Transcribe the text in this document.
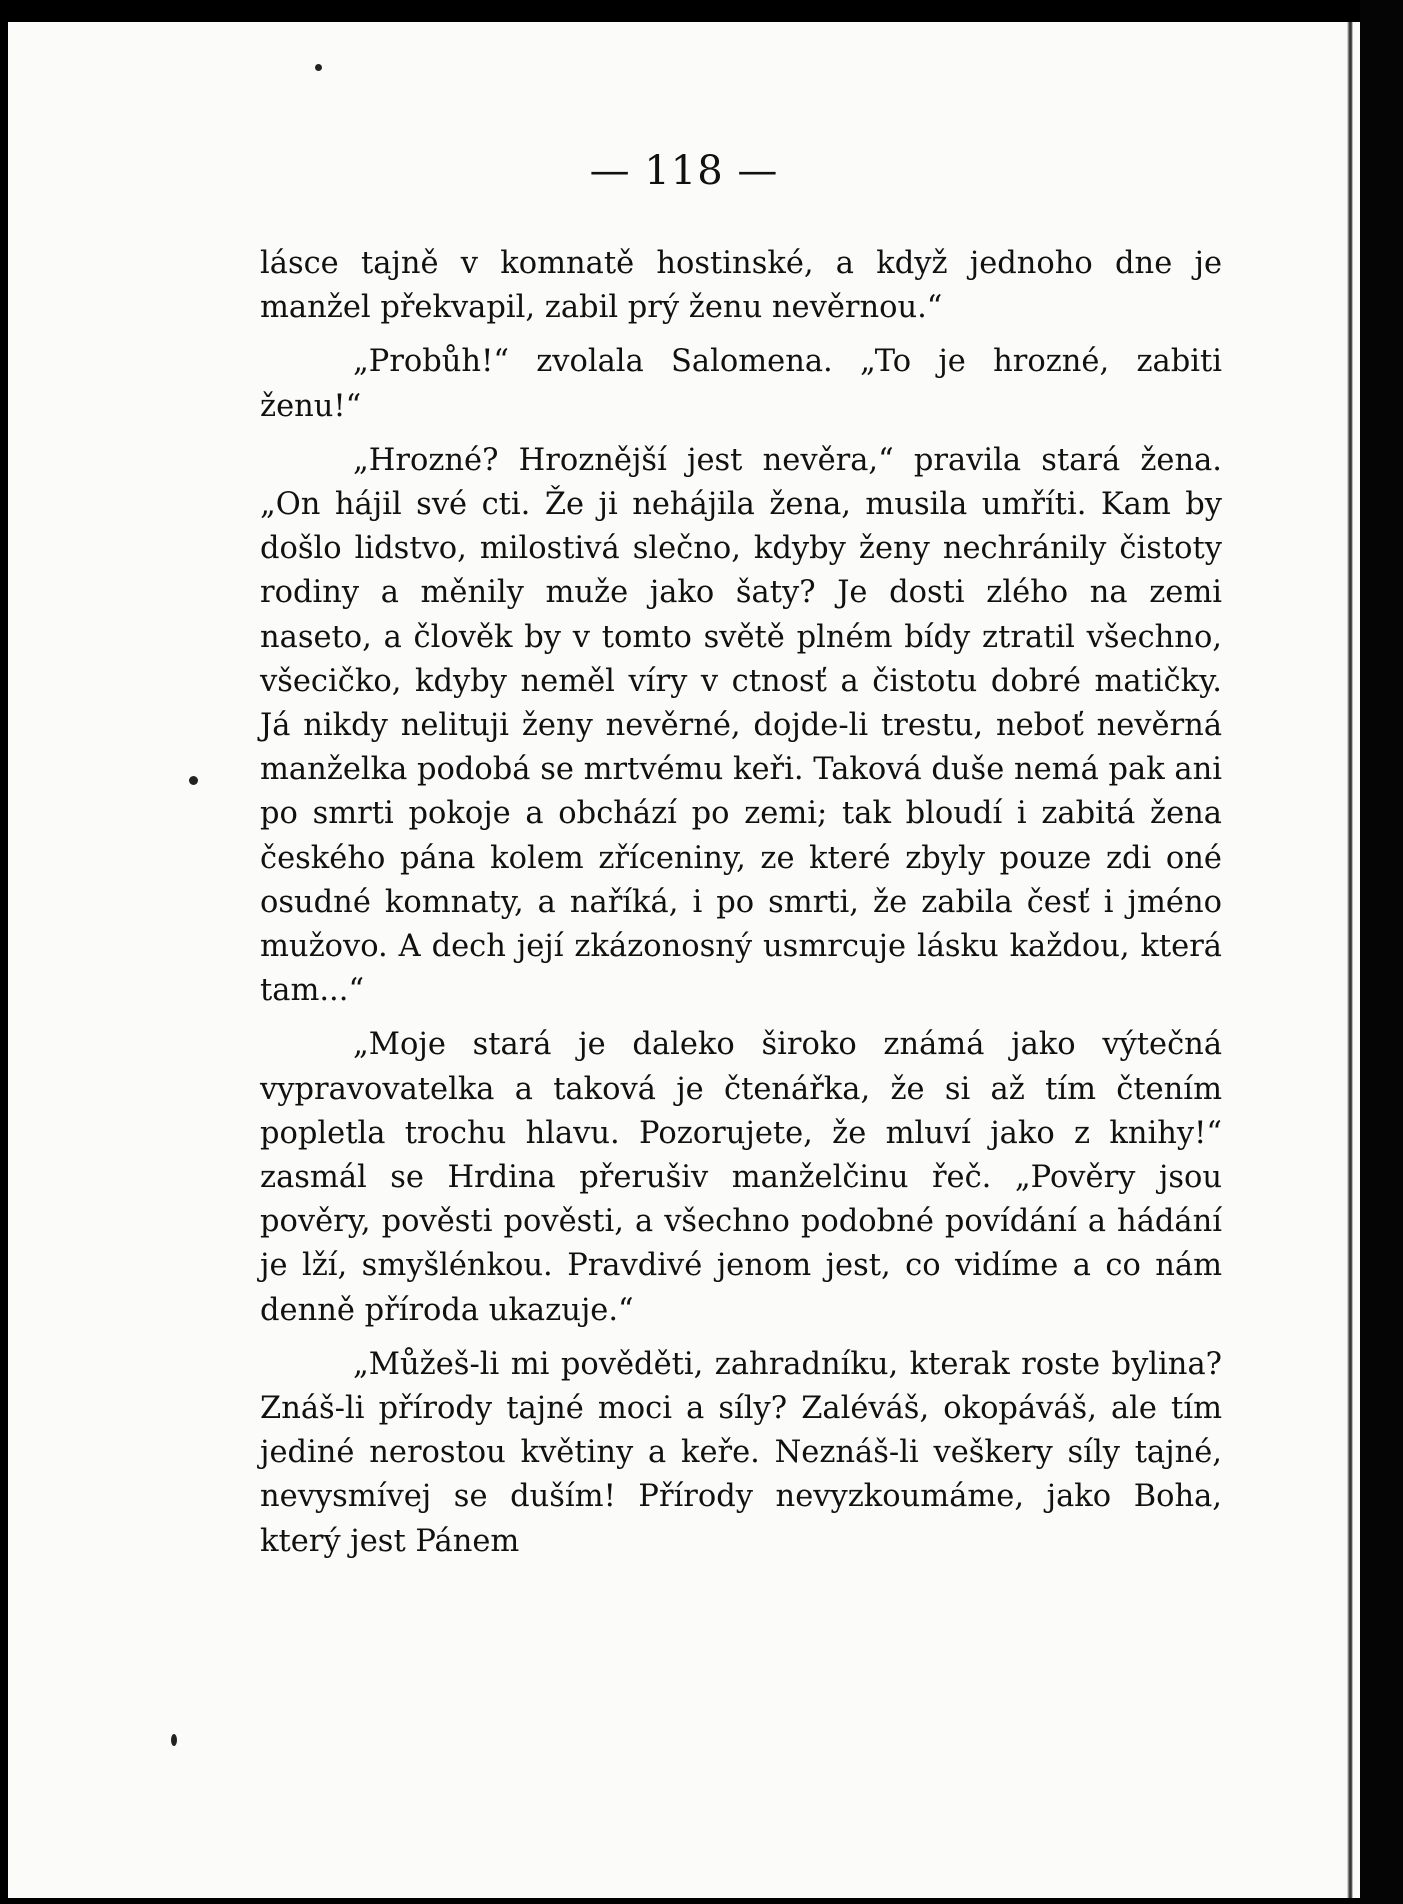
— 118 —

lásce tajně v komnatě hostinské, a když jednoho dne je manžel překvapil, zabil prý ženu nevěrnou.“

„Probůh!“ zvolala Salomena. „To je hrozné, zabiti ženu!“

„Hrozné? Hroznější jest nevěra,“ pravila stará žena. „On hájil své cti. Že ji nehájila žena, musila umříti. Kam by došlo lidstvo, milostivá slečno, kdyby ženy nechránily čistoty rodiny a měnily muže jako šaty? Je dosti zlého na zemi naseto, a člověk by v tomto světě plném bídy ztratil všechno, všecičko, kdyby neměl víry v ctnosť a čistotu dobré matičky. Já nikdy nelituji ženy nevěrné, dojde-li trestu, neboť nevěrná manželka podobá se mrtvému keři. Taková duše nemá pak ani po smrti pokoje a obchází po zemi; tak bloudí i zabitá žena českého pána kolem zříceniny, ze které zbyly pouze zdi oné osudné komnaty, a naříká, i po smrti, že zabila česť i jméno mužovo. A dech její zkázonosný usmrcuje lásku každou, která tam...“

„Moje stará je daleko široko známá jako výtečná vypravovatelka a taková je čtenářka, že si až tím čtením popletla trochu hlavu. Pozorujete, že mluví jako z knihy!“ zasmál se Hrdina přerušiv manželčinu řeč. „Pověry jsou pověry, pověsti pověsti, a všechno podobné povídání a hádání je lží, smyšlénkou. Pravdivé jenom jest, co vidíme a co nám denně příroda ukazuje.“

„Můžeš-li mi pověděti, zahradníku, kterak roste bylina? Znáš-li přírody tajné moci a síly? Zaléváš, okopáváš, ale tím jediné nerostou květiny a keře. Neznáš-li veškery síly tajné, nevysmívej se duším! Přírody nevyzkoumáme, jako Boha, který jest Pánem
